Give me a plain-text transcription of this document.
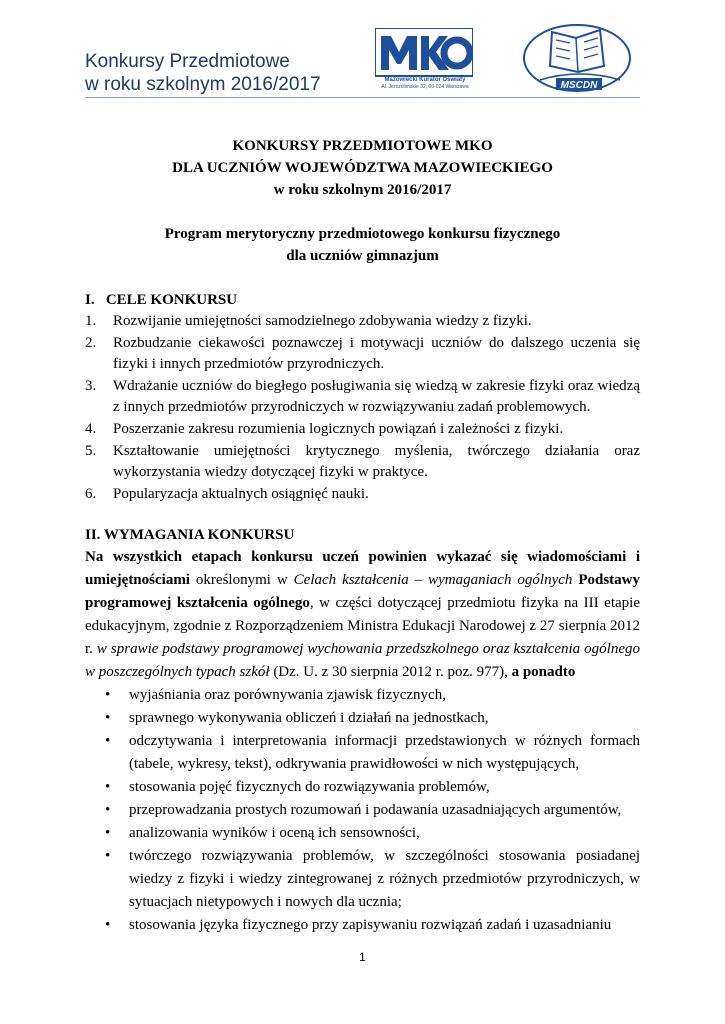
Konkursy Przedmiotowe
w roku szkolnym 2016/2017	Mazowiecki Kurator Oświaty
Al. Jerozolimskie 32, 00-024 Warszawa	MSCDN
KONKURSY PRZEDMIOTOWE MKO
DLA UCZNIÓW WOJEWÓDZTWA MAZOWIECKIEGO
w roku szkolnym 2016/2017
Program merytoryczny przedmiotowego konkursu fizycznego
dla uczniów gimnazjum
I.   CELE KONKURSU
1. Rozwijanie umiejętności samodzielnego zdobywania wiedzy z fizyki.
2. Rozbudzanie ciekawości poznawczej i motywacji uczniów do dalszego uczenia się fizyki i innych przedmiotów przyrodniczych.
3. Wdrażanie uczniów do biegłego posługiwania się wiedzą w zakresie fizyki oraz wiedzą z innych przedmiotów przyrodniczych w rozwiązywaniu zadań problemowych.
4. Poszerzanie zakresu rozumienia logicznych powiązań i zależności z fizyki.
5. Kształtowanie umiejętności krytycznego myślenia, twórczego działania oraz wykorzystania wiedzy dotyczącej fizyki w praktyce.
6. Popularyzacja aktualnych osiągnięć nauki.
II. WYMAGANIA KONKURSU
Na wszystkich etapach konkursu uczeń powinien wykazać się wiadomościami i umiejętnościami określonymi w Celach kształcenia – wymaganiach ogólnych Podstawy programowej kształcenia ogólnego, w części dotyczącej przedmiotu fizyka na III etapie edukacyjnym, zgodnie z Rozporządzeniem Ministra Edukacji Narodowej z 27 sierpnia 2012 r. w sprawie podstawy programowej wychowania przedszkolnego oraz kształcenia ogólnego w poszczególnych typach szkół (Dz. U. z 30 sierpnia 2012 r. poz. 977), a ponadto
• wyjaśniania oraz porównywania zjawisk fizycznych,
• sprawnego wykonywania obliczeń i działań na jednostkach,
• odczytywania i interpretowania informacji przedstawionych w różnych formach (tabele, wykresy, tekst), odkrywania prawidłowości w nich występujących,
• stosowania pojęć fizycznych do rozwiązywania problemów,
• przeprowadzania prostych rozumowań i podawania uzasadniających argumentów,
• analizowania wyników i oceną ich sensowności,
• twórczego rozwiązywania problemów, w szczególności stosowania posiadanej wiedzy z fizyki i wiedzy zintegrowanej z różnych przedmiotów przyrodniczych, w sytuacjach nietypowych i nowych dla ucznia;
• stosowania języka fizycznego przy zapisywaniu rozwiązań zadań i uzasadnianiu
1
